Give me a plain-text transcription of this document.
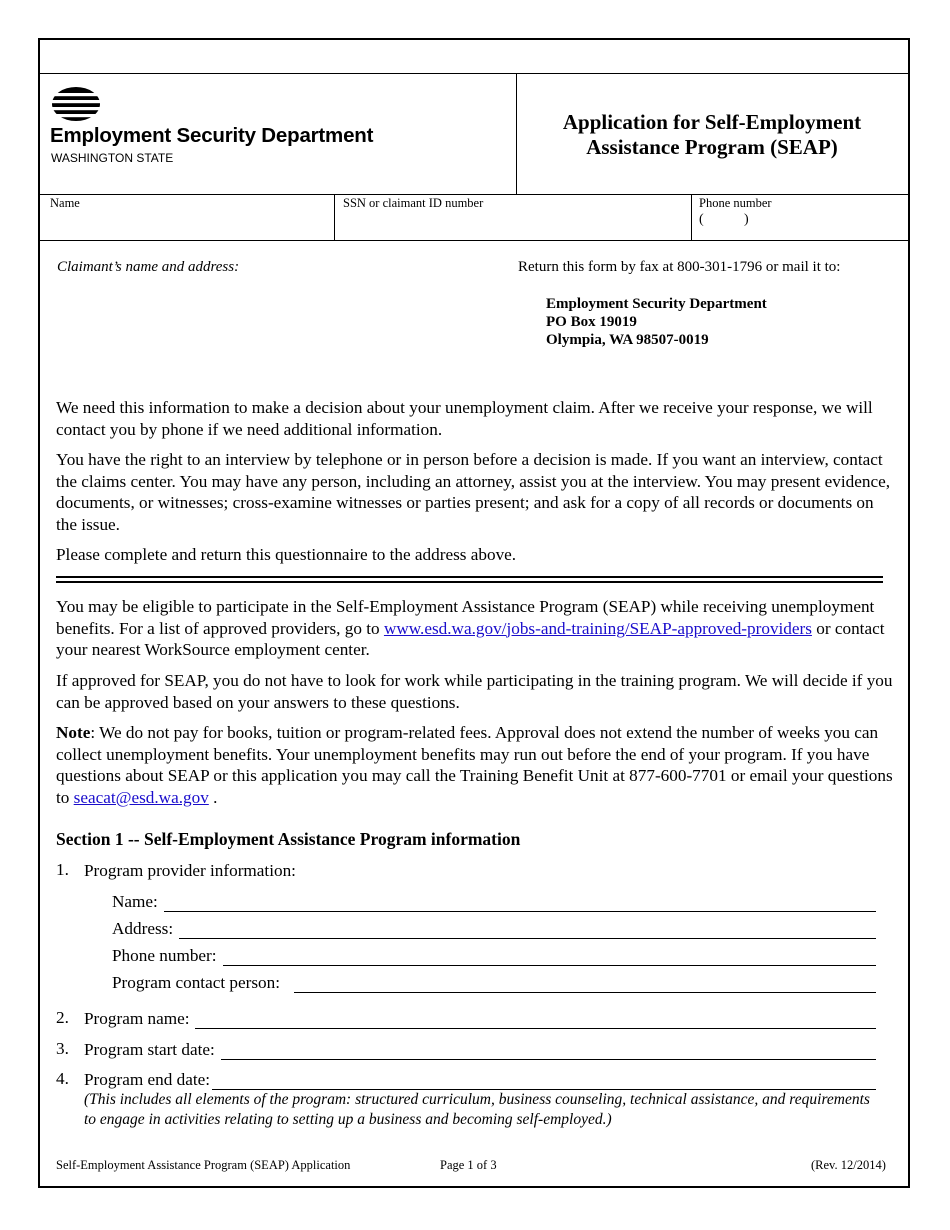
Employment Security Department
WASHINGTON STATE
Application for Self-Employment
Assistance Program (SEAP)
Name	SSN or claimant ID number	Phone number
(	)
Claimant’s name and address:	Return this form by fax at 800-301-1796 or mail it to:
Employment Security Department
PO Box 19019
Olympia, WA 98507-0019
We need this information to make a decision about your unemployment claim. After we receive your response, we will contact you by phone if we need additional information.
You have the right to an interview by telephone or in person before a decision is made. If you want an interview, contact the claims center. You may have any person, including an attorney, assist you at the interview. You may present evidence, documents, or witnesses; cross-examine witnesses or parties present; and ask for a copy of all records or documents on the issue.
Please complete and return this questionnaire to the address above.
You may be eligible to participate in the Self-Employment Assistance Program (SEAP) while receiving unemployment benefits. For a list of approved providers, go to www.esd.wa.gov/jobs-and-training/SEAP-approved-providers or contact your nearest WorkSource employment center.
If approved for SEAP, you do not have to look for work while participating in the training program. We will decide if you can be approved based on your answers to these questions.
Note: We do not pay for books, tuition or program-related fees. Approval does not extend the number of weeks you can collect unemployment benefits. Your unemployment benefits may run out before the end of your program. If you have questions about SEAP or this application you may call the Training Benefit Unit at 877-600-7701 or email your questions to seacat@esd.wa.gov .
Section 1 -- Self-Employment Assistance Program information
1. Program provider information:
Name:
Address:
Phone number:
Program contact person:
2. Program name:
3. Program start date:
4. Program end date:
(This includes all elements of the program: structured curriculum, business counseling, technical assistance, and requirements to engage in activities relating to setting up a business and becoming self-employed.)
Self-Employment Assistance Program (SEAP) Application	Page 1 of 3	(Rev. 12/2014)
